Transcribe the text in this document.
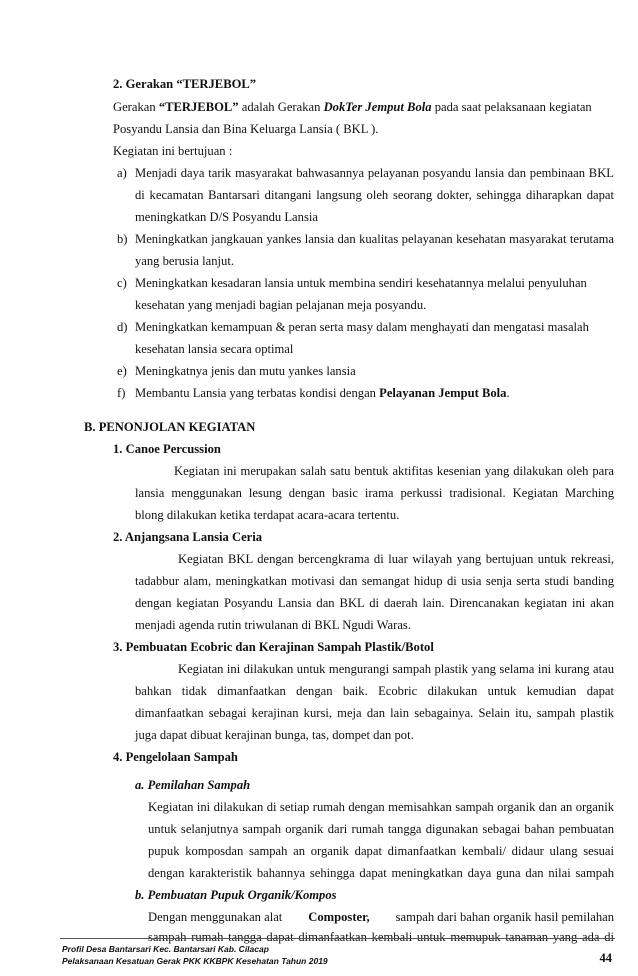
2. Gerakan “TERJEBOL”
Gerakan “TERJEBOL” adalah Gerakan DokTer Jemput Bola pada saat pelaksanaan kegiatan
Posyandu Lansia dan Bina Keluarga Lansia ( BKL ).
Kegiatan ini bertujuan :
a) Menjadi daya tarik masyarakat bahwasannya pelayanan posyandu lansia dan pembinaan BKL
di kecamatan Bantarsari ditangani langsung oleh seorang dokter, sehingga diharapkan dapat
meningkatkan D/S Posyandu Lansia
b) Meningkatkan jangkauan yankes lansia dan kualitas pelayanan kesehatan masyarakat terutama
yang berusia lanjut.
c) Meningkatkan kesadaran lansia untuk membina sendiri kesehatannya melalui penyuluhan
kesehatan yang menjadi bagian pelajanan meja posyandu.
d) Meningkatkan kemampuan & peran serta masy dalam menghayati dan mengatasi masalah
kesehatan lansia secara optimal
e) Meningkatnya jenis dan mutu yankes lansia
f) Membantu Lansia yang terbatas kondisi dengan Pelayanan Jemput Bola.
B. PENONJOLAN KEGIATAN
1. Canoe Percussion
Kegiatan ini merupakan salah satu bentuk aktifitas kesenian yang dilakukan oleh para
lansia menggunakan lesung dengan basic irama perkussi tradisional. Kegiatan Marching
blong dilakukan ketika terdapat acara-acara tertentu.
2. Anjangsana Lansia Ceria
Kegiatan BKL dengan bercengkrama di luar wilayah yang bertujuan untuk rekreasi,
tadabbur alam, meningkatkan motivasi dan semangat hidup di usia senja serta studi banding
dengan kegiatan Posyandu Lansia dan BKL di daerah lain. Direncanakan kegiatan ini akan
menjadi agenda rutin triwulanan di BKL Ngudi Waras.
3. Pembuatan Ecobric dan Kerajinan Sampah Plastik/Botol
Kegiatan ini dilakukan untuk mengurangi sampah plastik yang selama ini kurang atau
bahkan tidak dimanfaatkan dengan baik. Ecobric dilakukan untuk kemudian dapat
dimanfaatkan sebagai kerajinan kursi, meja dan lain sebagainya. Selain itu, sampah plastik
juga dapat dibuat kerajinan bunga, tas, dompet dan pot.
4. Pengelolaan Sampah
a. Pemilahan Sampah
Kegiatan ini dilakukan di setiap rumah dengan memisahkan sampah organik dan an organik
untuk selanjutnya sampah organik dari rumah tangga digunakan sebagai bahan pembuatan
pupuk komposdan sampah an organik dapat dimanfaatkan kembali/ didaur ulang sesuai
dengan karakteristik bahannya sehingga dapat meningkatkan daya guna dan nilai sampah
b. Pembuatan Pupuk Organik/Kompos
Dengan menggunakan alat Composter, sampah dari bahan organik hasil pemilahan
sampah rumah tangga dapat dimanfaatkan kembali untuk memupuk tanaman yang ada di
Profil Desa Bantarsari Kec. Bantarsari Kab. Cilacap
Pelaksanaan Kesatuan Gerak PKK KKBPK Kesehatan Tahun 2019	44
